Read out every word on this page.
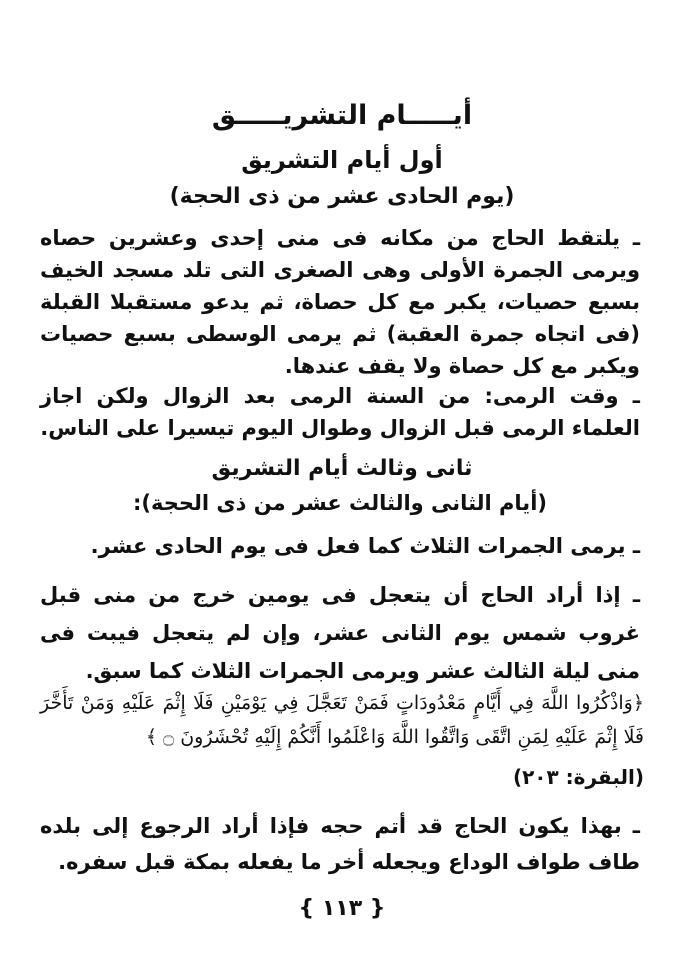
أيـــــام التشريـــــق
أول أيام التشريق
(يوم الحادى عشر من ذى الحجة)
ـ يلتقط الحاج من مكانه فى منى إحدى وعشرين حصاه ويرمى الجمرة الأولى وهى الصغرى التى تلد مسجد الخيف بسبع حصيات، يكبر مع كل حصاة، ثم يدعو مستقبلا القبلة (فى اتجاه جمرة العقبة) ثم يرمى الوسطى بسبع حصيات ويكبر مع كل حصاة ولا يقف عندها.
ـ وقت الرمى: من السنة الرمى بعد الزوال ولكن اجاز العلماء الرمى قبل الزوال وطوال اليوم تيسيرا على الناس.
ثانى وثالث أيام التشريق
(أيام الثانى والثالث عشر من ذى الحجة):
ـ يرمى الجمرات الثلاث كما فعل فى يوم الحادى عشر.
ـ إذا أراد الحاج أن يتعجل فى يومين خرج من منى قبل غروب شمس يوم الثانى عشر، وإن لم يتعجل فيبت فى منى ليلة الثالث عشر ويرمى الجمرات الثلاث كما سبق.
﴿وَاذْكُرُوا اللَّهَ فِي أَيَّامٍ مَعْدُودَاتٍ فَمَنْ تَعَجَّلَ فِي يَوْمَيْنِ فَلَا إِثْمَ عَلَيْهِ وَمَنْ تَأَخَّرَ فَلَا إِثْمَ عَلَيْهِ لِمَنِ اتَّقَى وَاتَّقُوا اللَّهَ وَاعْلَمُوا أَنَّكُمْ إِلَيْهِ تُحْشَرُونَ ۝ ﴾
(البقرة: ٢٠٣)
ـ بهذا يكون الحاج قد أتم حجه فإذا أراد الرجوع إلى بلده طاف طواف الوداع ويجعله أخر ما يفعله بمكة قبل سفره.
{ ١١٣ }
